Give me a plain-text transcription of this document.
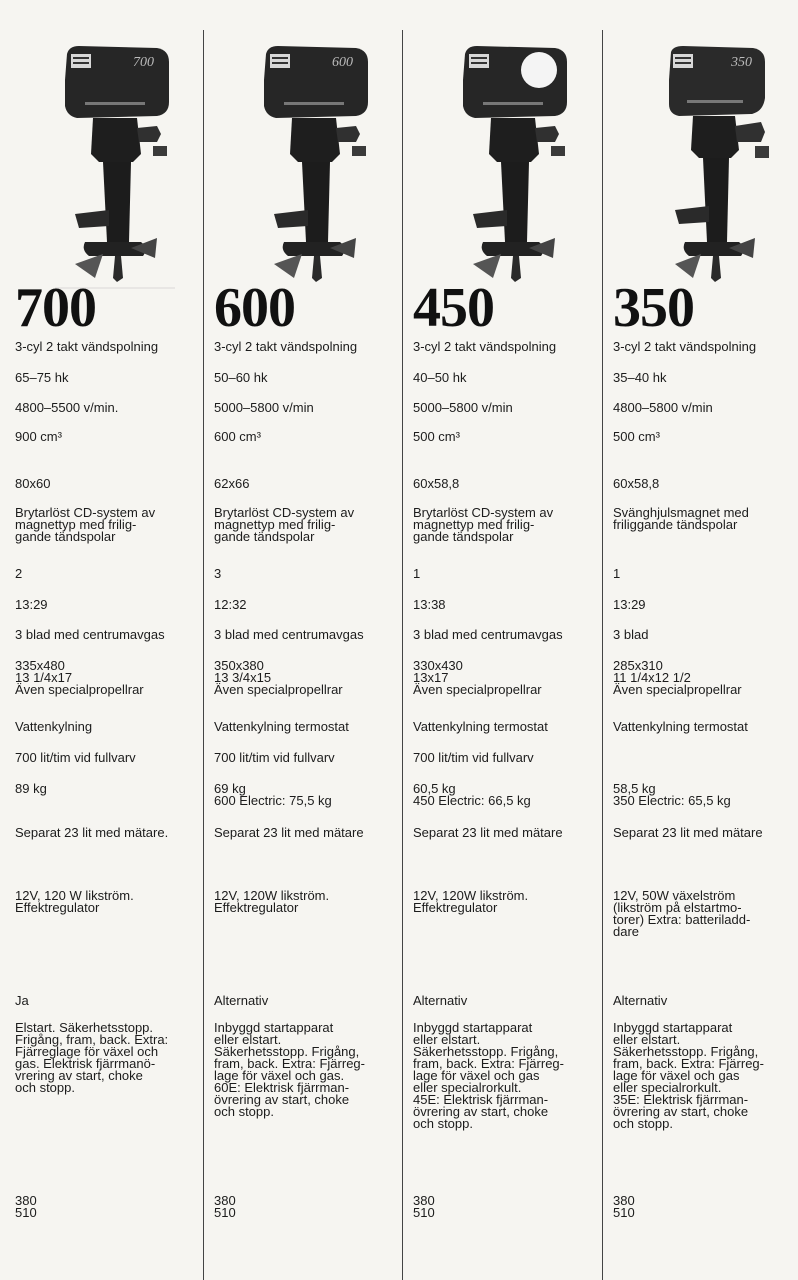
700
700
3-cyl 2 takt vändspolning
65–75 hk
4800–5500 v/min.
900 cm³
80x60
Brytarlöst CD-system av
magnettyp med frilig-
gande tändspolar
2
13:29
3 blad med centrumavgas
335x480
13 1/4x17
Även specialpropellrar
Vattenkylning
700 lit/tim vid fullvarv
89 kg
Separat 23 lit med mätare.
12V, 120 W likström.
Effektregulator
Ja
Elstart. Säkerhetsstopp.
Frigång, fram, back. Extra:
Fjärreglage för växel och
gas. Elektrisk fjärrmanö-
vrering av start, choke
och stopp.
380
510
600
600
3-cyl 2 takt vändspolning
50–60 hk
5000–5800 v/min
600 cm³
62x66
Brytarlöst CD-system av
magnettyp med frilig-
gande tändspolar
3
12:32
3 blad med centrumavgas
350x380
13 3/4x15
Även specialpropellrar
Vattenkylning termostat
700 lit/tim vid fullvarv
69 kg
600 Electric: 75,5 kg
Separat 23 lit med mätare
12V, 120W likström.
Effektregulator
Alternativ
Inbyggd startapparat
eller elstart.
Säkerhetsstopp. Frigång,
fram, back. Extra: Fjärreg-
lage för växel och gas.
60E: Elektrisk fjärrman-
övrering av start, choke
och stopp.
380
510
450
3-cyl 2 takt vändspolning
40–50 hk
5000–5800 v/min
500 cm³
60x58,8
Brytarlöst CD-system av
magnettyp med frilig-
gande tändspolar
1
13:38
3 blad med centrumavgas
330x430
13x17
Även specialpropellrar
Vattenkylning termostat
700 lit/tim vid fullvarv
60,5 kg
450 Electric: 66,5 kg
Separat 23 lit med mätare
12V, 120W likström.
Effektregulator
Alternativ
Inbyggd startapparat
eller elstart.
Säkerhetsstopp. Frigång,
fram, back. Extra: Fjärreg-
lage för växel och gas
eller specialrorkult.
45E: Elektrisk fjärrman-
övrering av start, choke
och stopp.
380
510
350
350
3-cyl 2 takt vändspolning
35–40 hk
4800–5800 v/min
500 cm³
60x58,8
Svänghjulsmagnet med
friliggande tändspolar
1
13:29
3 blad
285x310
11 1/4x12 1/2
Även specialpropellrar
Vattenkylning termostat
58,5 kg
350 Electric: 65,5 kg
Separat 23 lit med mätare
12V, 50W växelström
(likström på elstartmo-
torer) Extra: batteriladd-
dare
Alternativ
Inbyggd startapparat
eller elstart.
Säkerhetsstopp. Frigång,
fram, back. Extra: Fjärreg-
lage för växel och gas
eller specialrorkult.
35E: Elektrisk fjärrman-
övrering av start, choke
och stopp.
380
510
